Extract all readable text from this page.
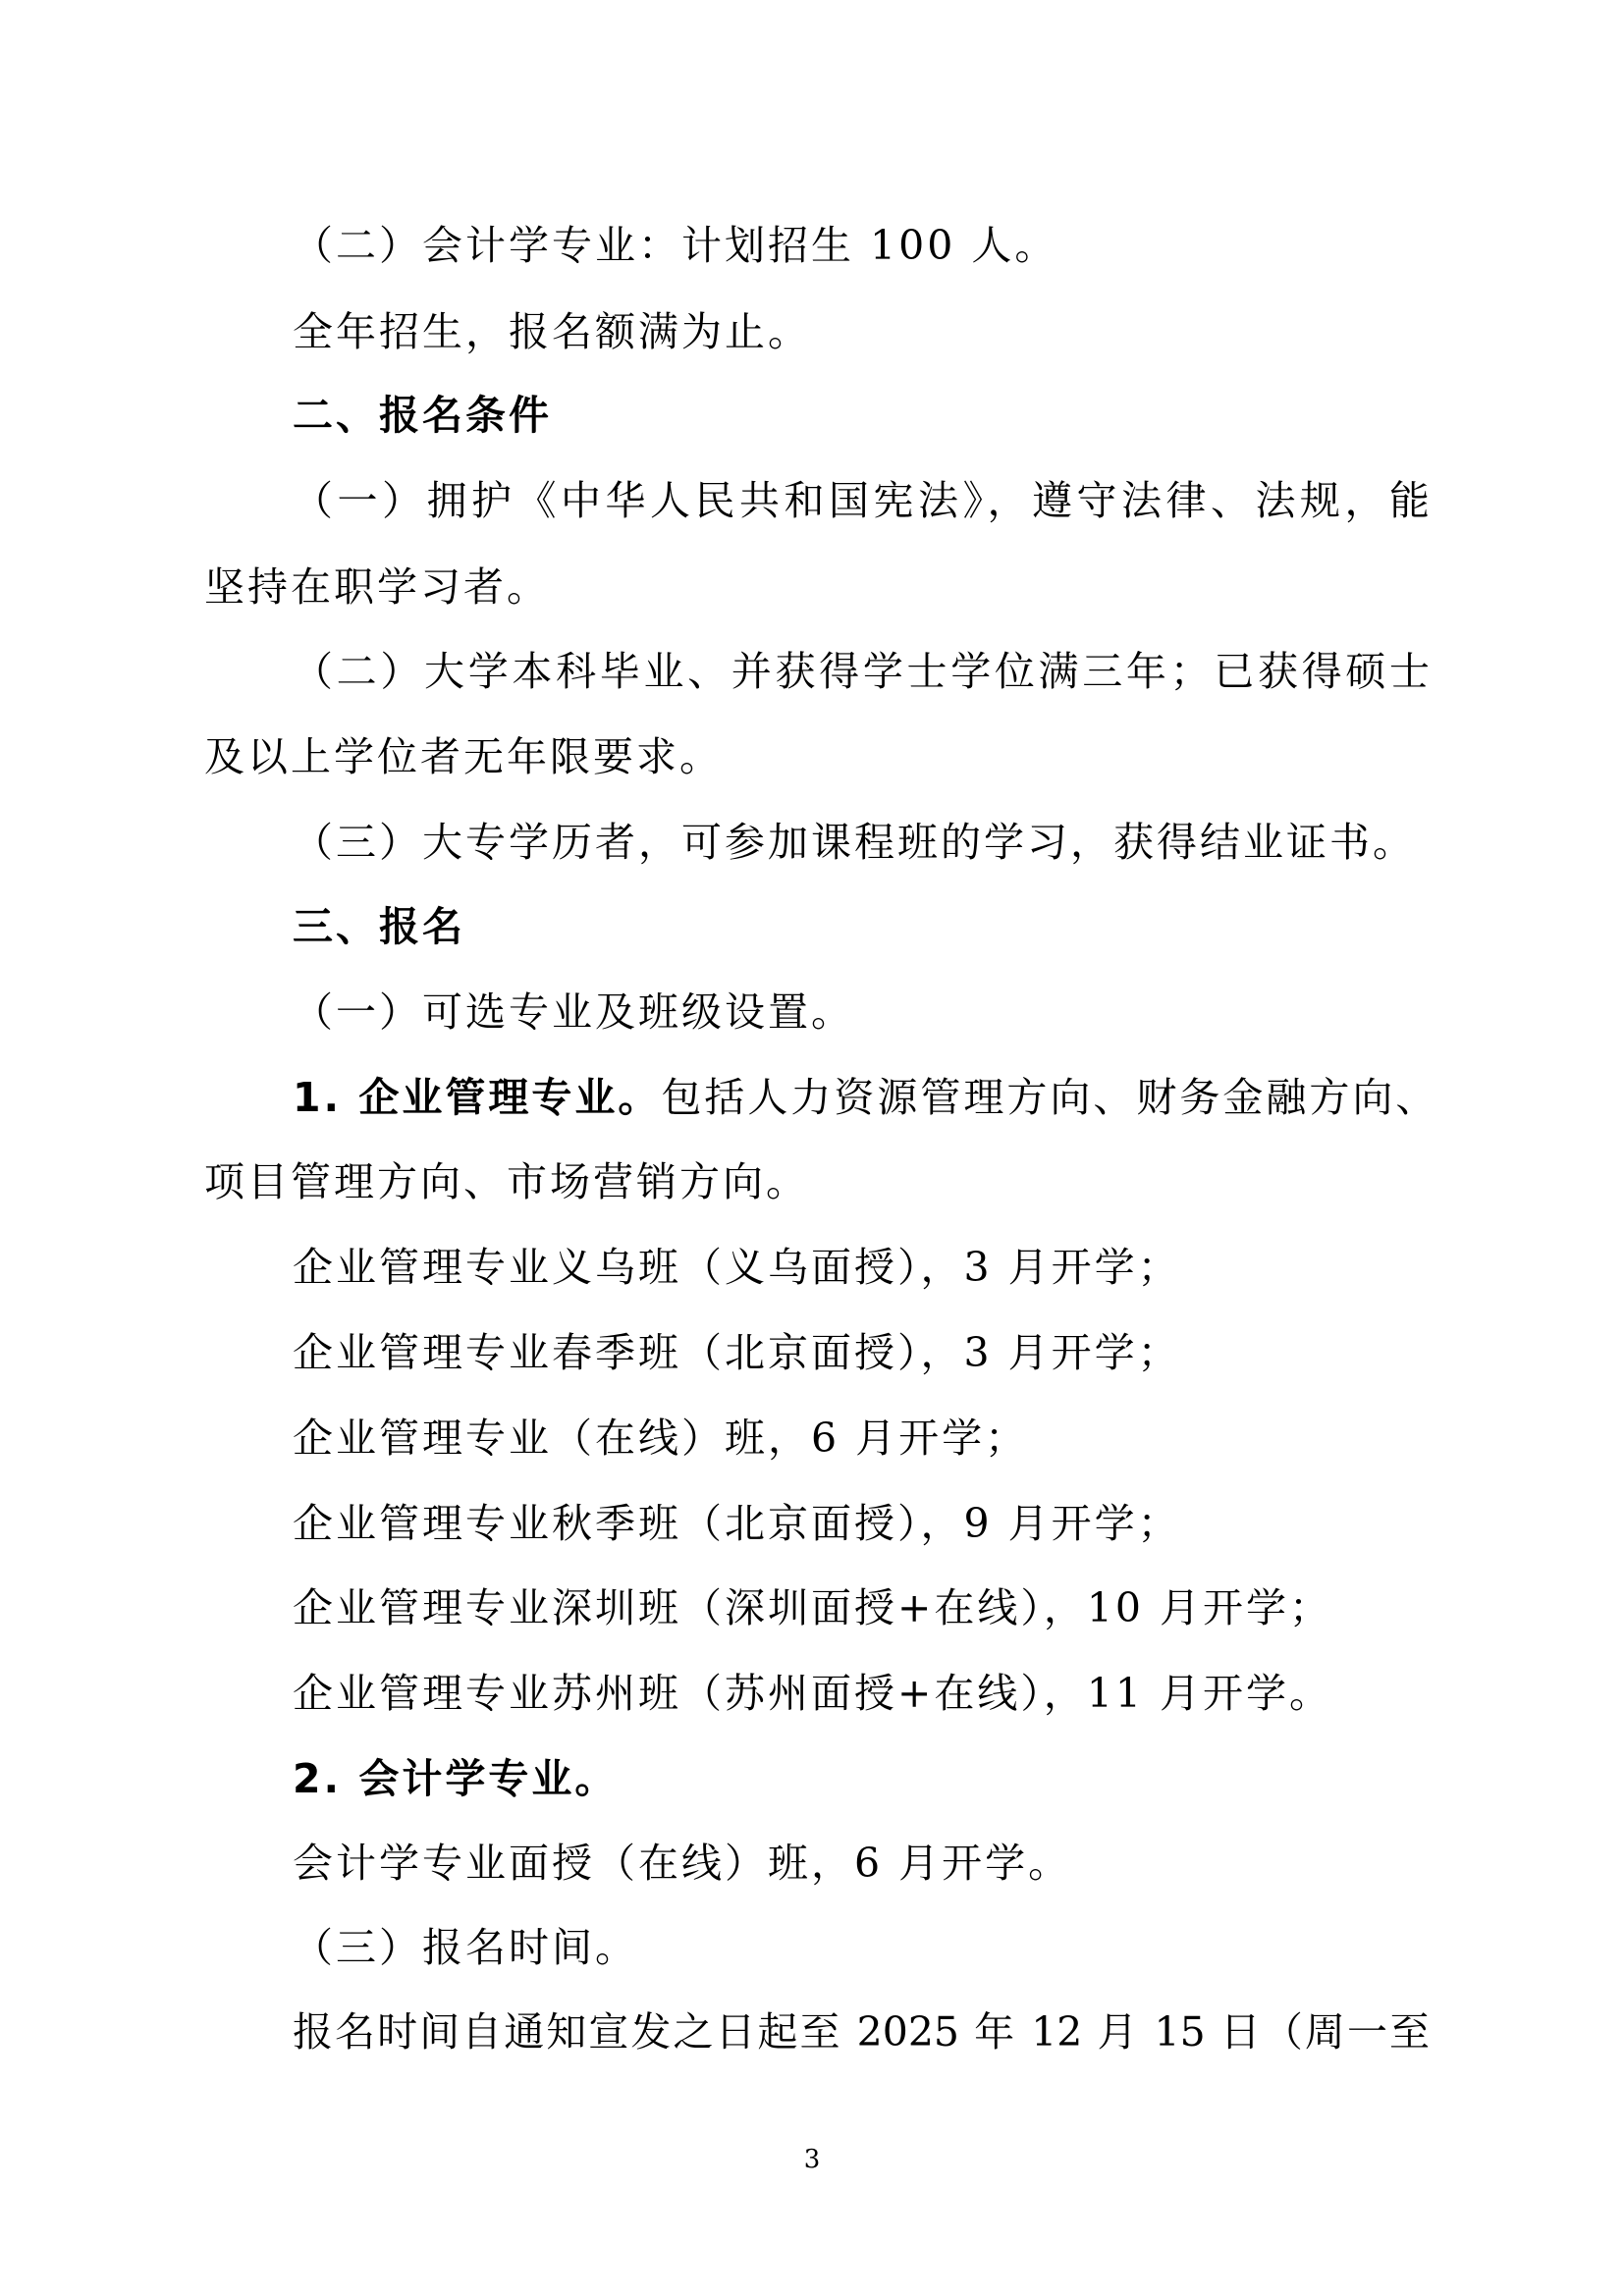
（二）会计学专业：计划招生 100 人。
全年招生，报名额满为止。
二、报名条件
（一）拥护《中华人民共和国宪法》，遵守法律、法规，能
坚持在职学习者。
（二）大学本科毕业、并获得学士学位满三年；已获得硕士
及以上学位者无年限要求。
（三）大专学历者，可参加课程班的学习，获得结业证书。
三、报名
（一）可选专业及班级设置。
1. 企业管理专业。包括人力资源管理方向、财务金融方向、
项目管理方向、市场营销方向。
企业管理专业义乌班（义乌面授），3 月开学；
企业管理专业春季班（北京面授），3 月开学；
企业管理专业（在线）班，6 月开学；
企业管理专业秋季班（北京面授），9 月开学；
企业管理专业深圳班（深圳面授+在线），10 月开学；
企业管理专业苏州班（苏州面授+在线），11 月开学。
2. 会计学专业。
会计学专业面授（在线）班，6 月开学。
（三）报名时间。
报名时间自通知宣发之日起至 2025 年 12 月 15 日（周一至
3
